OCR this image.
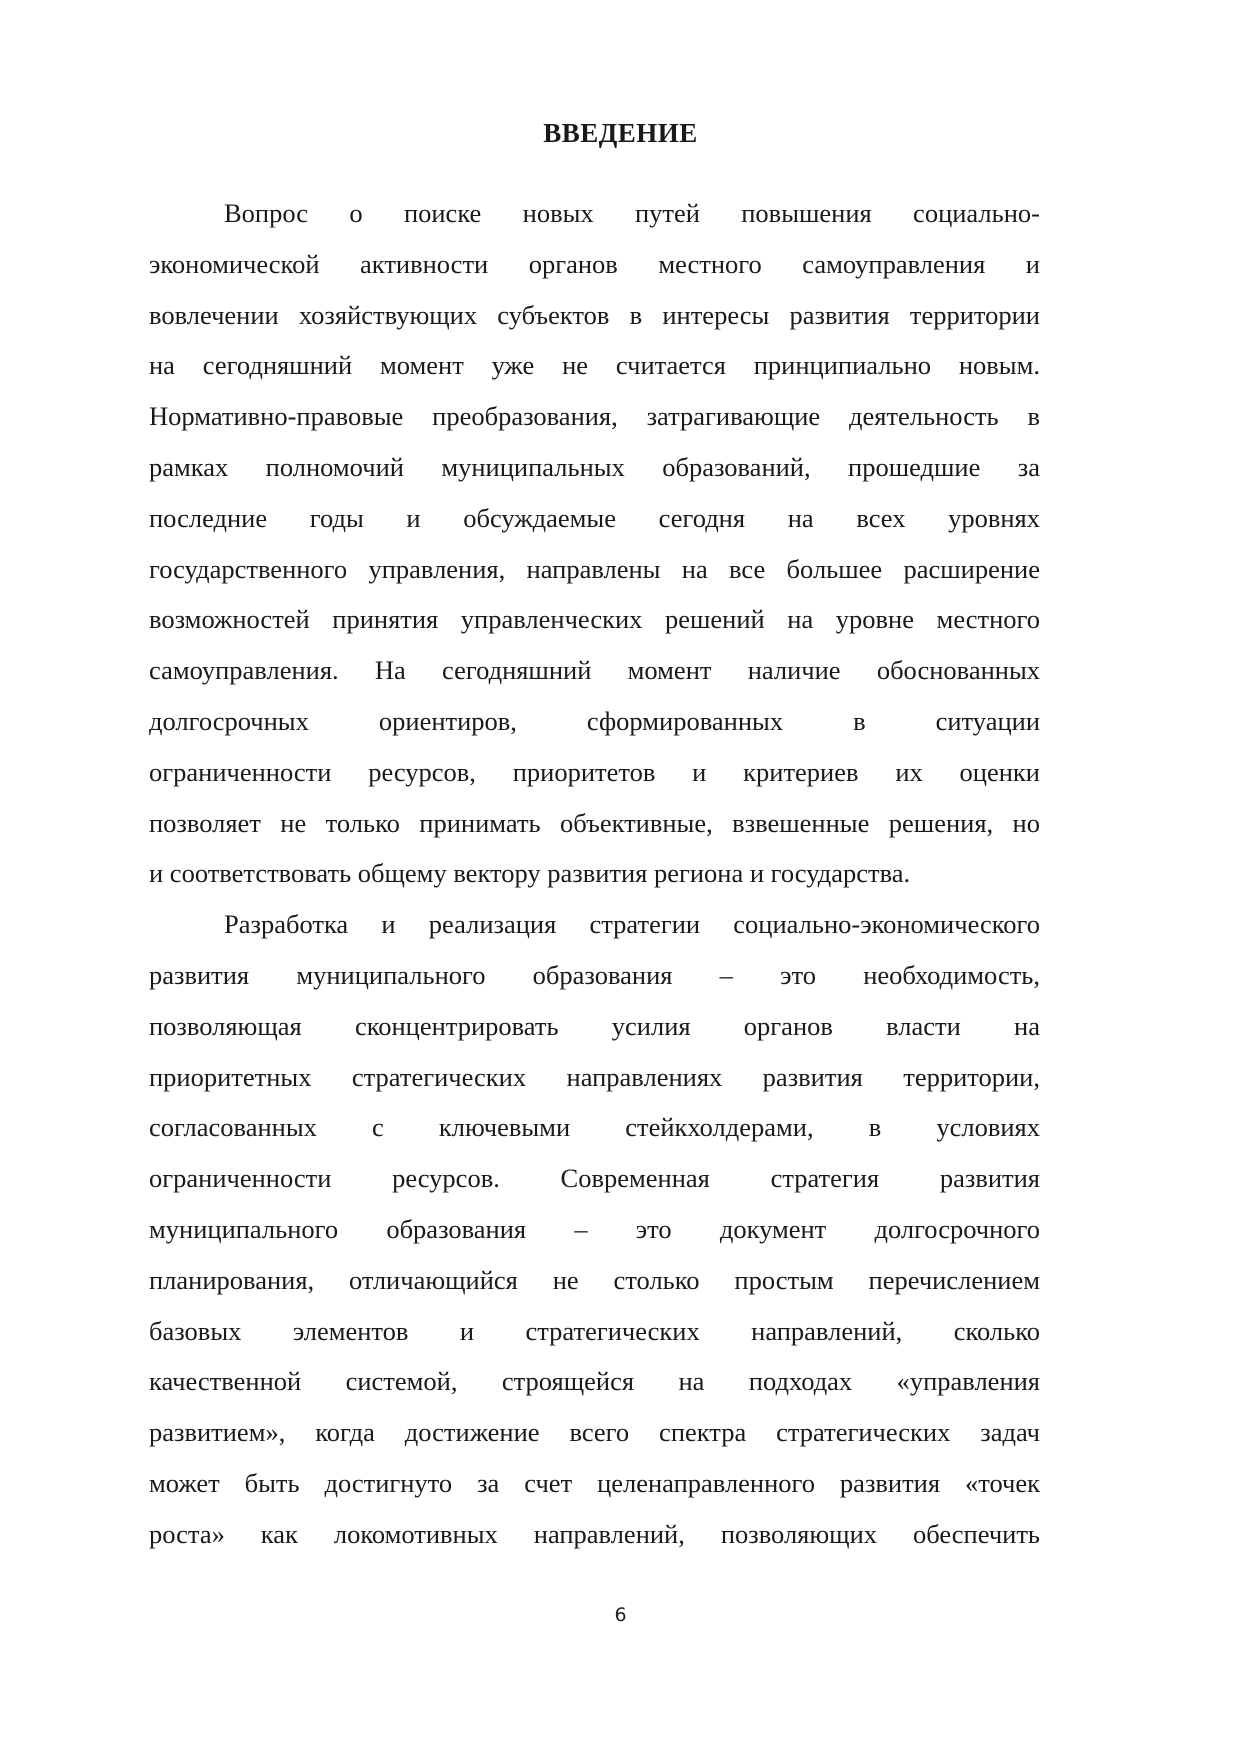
ВВЕДЕНИЕ
Вопрос о поиске новых путей повышения социально-
экономической активности органов местного самоуправления и
вовлечении хозяйствующих субъектов в интересы развития территории
на сегодняшний момент уже не считается принципиально новым.
Нормативно-правовые преобразования, затрагивающие деятельность в
рамках полномочий муниципальных образований, прошедшие за
последние годы и обсуждаемые сегодня на всех уровнях
государственного управления, направлены на все большее расширение
возможностей принятия управленческих решений на уровне местного
самоуправления. На сегодняшний момент наличие обоснованных
долгосрочных ориентиров, сформированных в ситуации
ограниченности ресурсов, приоритетов и критериев их оценки
позволяет не только принимать объективные, взвешенные решения, но
и соответствовать общему вектору развития региона и государства.
Разработка и реализация стратегии социально-экономического
развития муниципального образования – это необходимость,
позволяющая сконцентрировать усилия органов власти на
приоритетных стратегических направлениях развития территории,
согласованных с ключевыми стейкхолдерами, в условиях
ограниченности ресурсов. Современная стратегия развития
муниципального образования – это документ долгосрочного
планирования, отличающийся не столько простым перечислением
базовых элементов и стратегических направлений, сколько
качественной системой, строящейся на подходах «управления
развитием», когда достижение всего спектра стратегических задач
может быть достигнуто за счет целенаправленного развития «точек
роста» как локомотивных направлений, позволяющих обеспечить
6
